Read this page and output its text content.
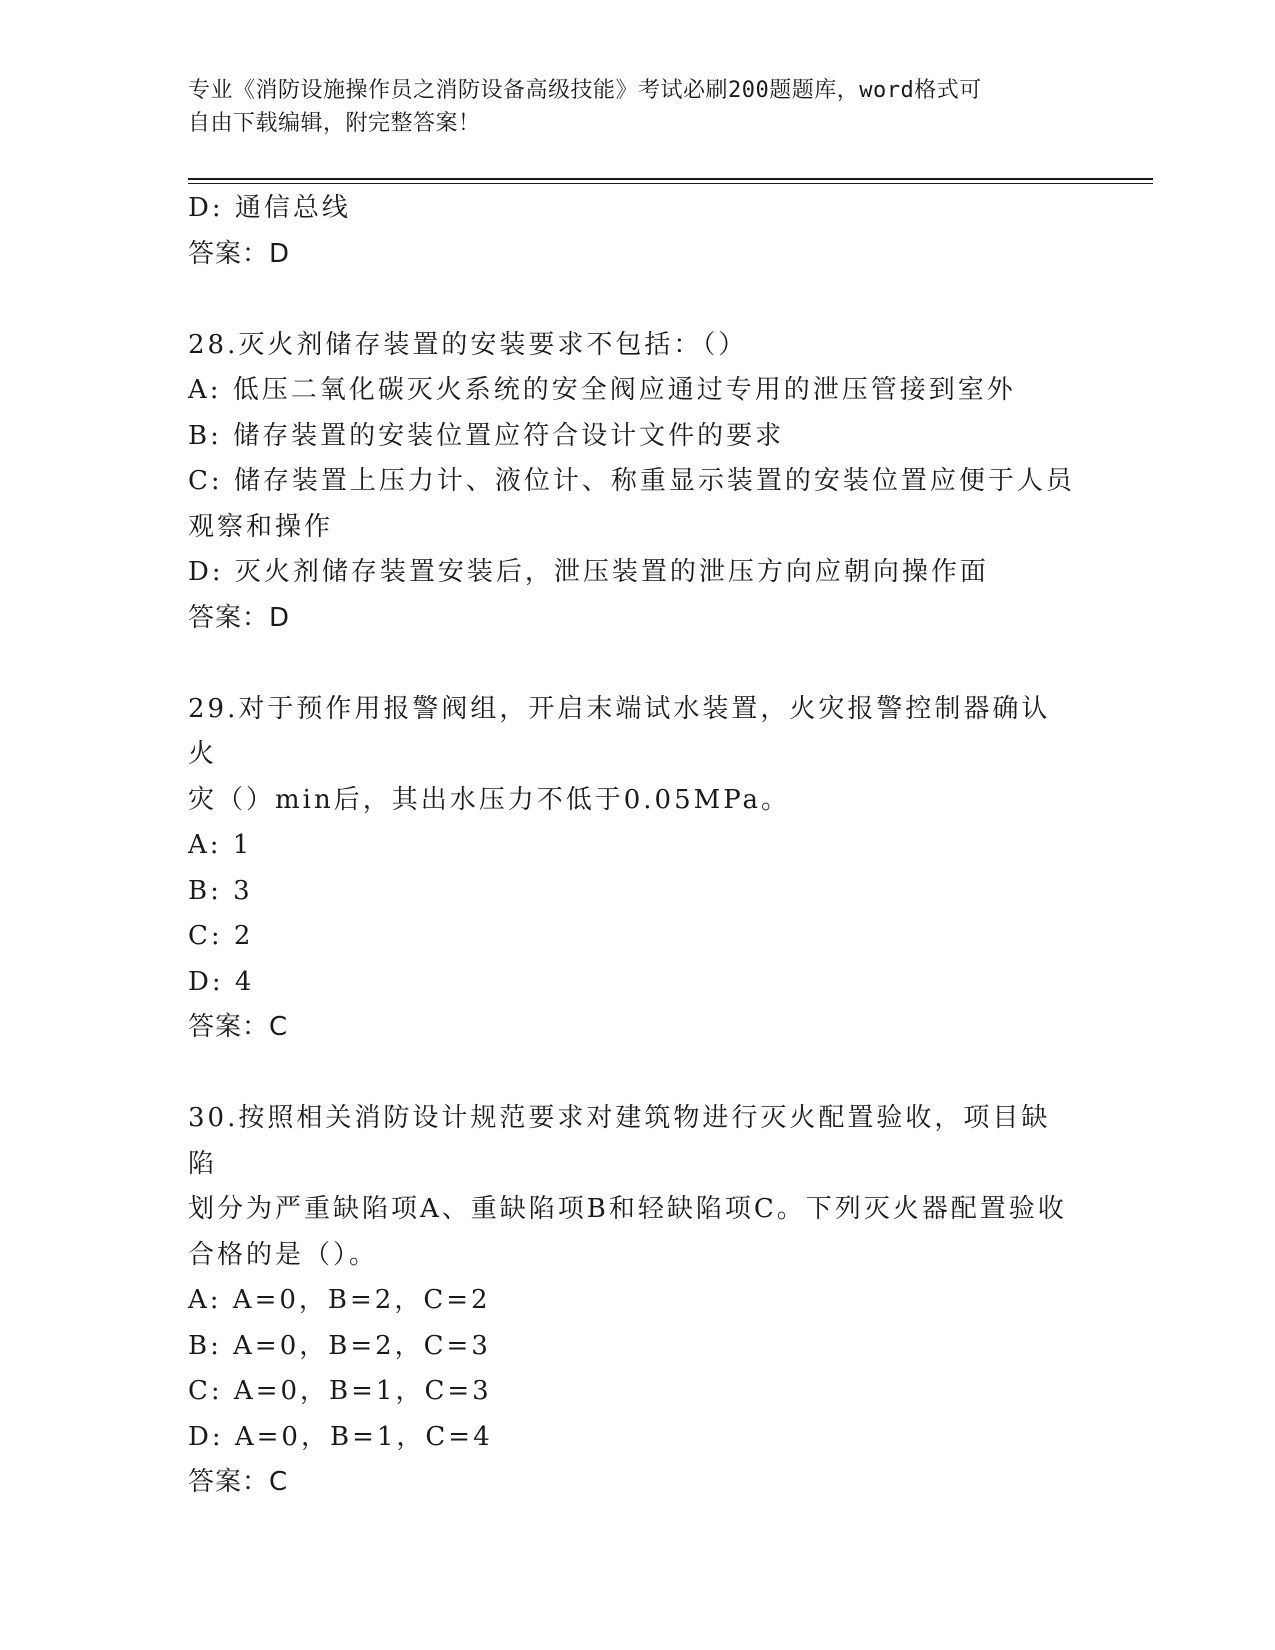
专业《消防设施操作员之消防设备高级技能》考试必刷200题题库，word格式可
自由下载编辑，附完整答案！
D: 通信总线
答案：D
28.灭火剂储存装置的安装要求不包括：（）
A: 低压二氧化碳灭火系统的安全阀应通过专用的泄压管接到室外
B: 储存装置的安装位置应符合设计文件的要求
C: 储存装置上压力计、液位计、称重显示装置的安装位置应便于人员
观察和操作
D: 灭火剂储存装置安装后，泄压装置的泄压方向应朝向操作面
答案：D
29.对于预作用报警阀组，开启末端试水装置，火灾报警控制器确认火
灾（）min后，其出水压力不低于0.05MPa。
A: 1
B: 3
C: 2
D: 4
答案：C
30.按照相关消防设计规范要求对建筑物进行灭火配置验收，项目缺陷
划分为严重缺陷项A、重缺陷项B和轻缺陷项C。下列灭火器配置验收
合格的是（）。
A: A=0，B=2，C=2
B: A=0，B=2，C=3
C: A=0，B=1，C=3
D: A=0，B=1，C=4
答案：C
